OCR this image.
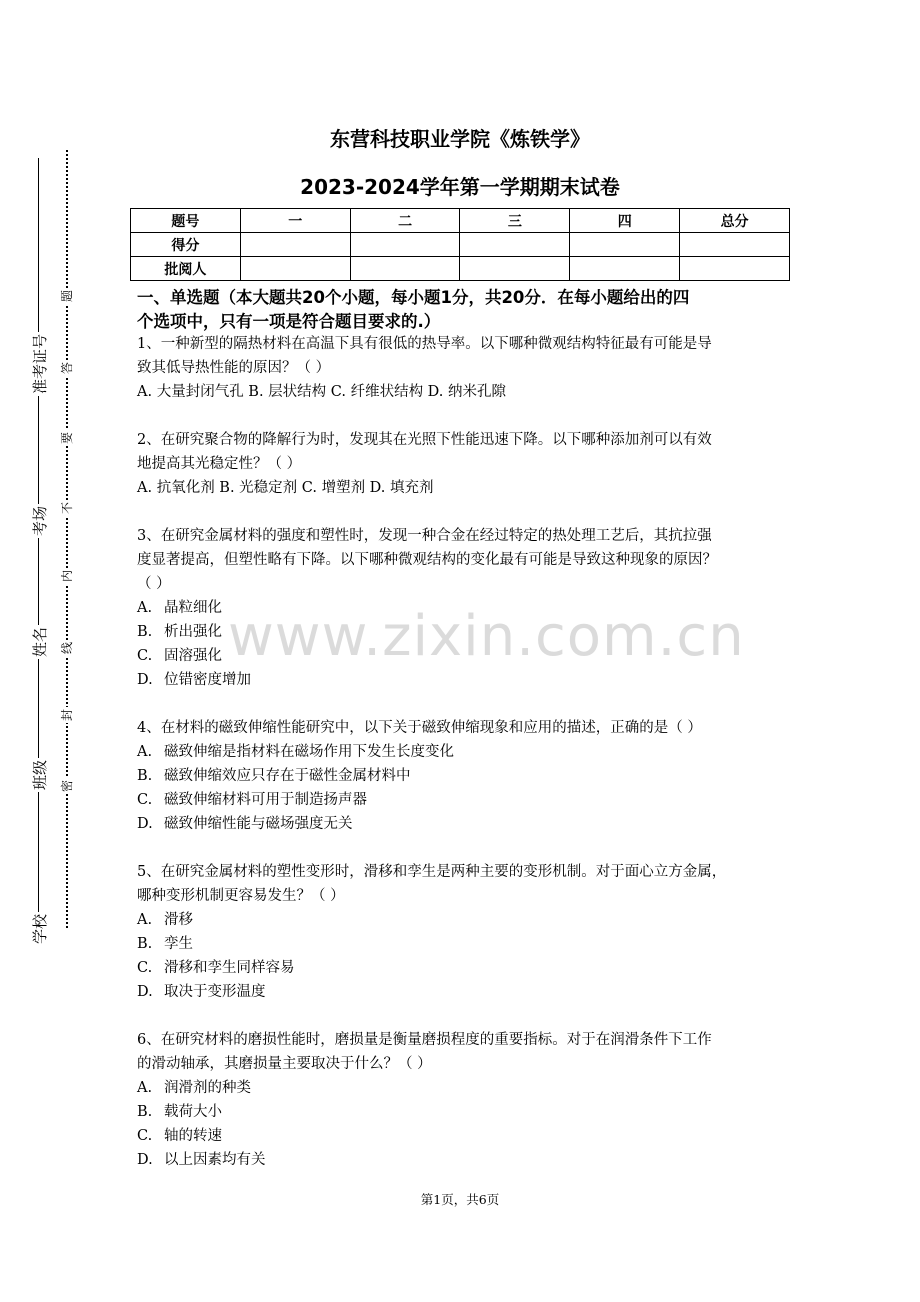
准考证号
考场
姓名
班级
学校
题
答
要
不
内
线
封
密
东营科技职业学院《炼铁学》
2023-2024学年第一学期期末试卷
题号	一	二	三	四	总分
得分					
批阅人					
一、单选题（本大题共20个小题，每小题1分，共20分．在每小题给出的四
个选项中，只有一项是符合题目要求的.）

1、一种新型的隔热材料在高温下具有很低的热导率。以下哪种微观结构特征最有可能是导

致其低导热性能的原因？（ ）

A. 大量封闭气孔 B. 层状结构 C. 纤维状结构 D. 纳米孔隙

2、在研究聚合物的降解行为时，发现其在光照下性能迅速下降。以下哪种添加剂可以有效

地提高其光稳定性？（ ）

A. 抗氧化剂 B. 光稳定剂 C. 增塑剂 D. 填充剂

3、在研究金属材料的强度和塑性时，发现一种合金在经过特定的热处理工艺后，其抗拉强

度显著提高，但塑性略有下降。以下哪种微观结构的变化最有可能是导致这种现象的原因？

（ ）

A. 晶粒细化

B. 析出强化

C. 固溶强化

D. 位错密度增加

4、在材料的磁致伸缩性能研究中，以下关于磁致伸缩现象和应用的描述，正确的是（ ）

A. 磁致伸缩是指材料在磁场作用下发生长度变化

B. 磁致伸缩效应只存在于磁性金属材料中

C. 磁致伸缩材料可用于制造扬声器

D. 磁致伸缩性能与磁场强度无关

5、在研究金属材料的塑性变形时，滑移和孪生是两种主要的变形机制。对于面心立方金属，

哪种变形机制更容易发生？（ ）

A. 滑移

B. 孪生

C. 滑移和孪生同样容易

D. 取决于变形温度

6、在研究材料的磨损性能时，磨损量是衡量磨损程度的重要指标。对于在润滑条件下工作

的滑动轴承，其磨损量主要取决于什么？（ ）

A. 润滑剂的种类

B. 载荷大小

C. 轴的转速

D. 以上因素均有关

www.zixin.com.cn
第1页，共6页
